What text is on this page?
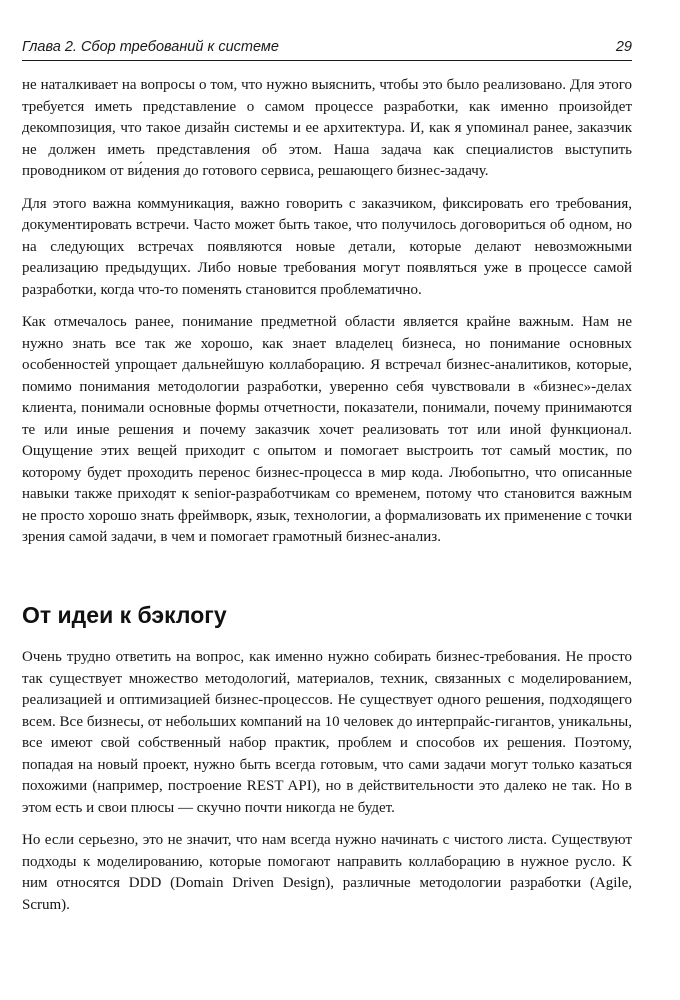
Глава 2. Сбор требований к системе	29

не наталкивает на вопросы о том, что нужно выяснить, чтобы это было реализовано. Для этого требуется иметь представление о самом процессе разработки, как именно произойдет декомпозиция, что такое дизайн системы и ее архитектура. И, как я упоминал ранее, заказчик не должен иметь представления об этом. Наша задача как специалистов выступить проводником от ви́дения до готового сервиса, решающего бизнес-задачу.

Для этого важна коммуникация, важно говорить с заказчиком, фиксировать его требования, документировать встречи. Часто может быть такое, что получилось договориться об одном, но на следующих встречах появляются новые детали, которые делают невозможными реализацию предыдущих. Либо новые требования могут появляться уже в процессе самой разработки, когда что-то поменять становится проблематично.

Как отмечалось ранее, понимание предметной области является крайне важным. Нам не нужно знать все так же хорошо, как знает владелец бизнеса, но понимание основных особенностей упрощает дальнейшую коллаборацию. Я встречал бизнес-аналитиков, которые, помимо понимания методологии разработки, уверенно себя чувствовали в «бизнес»-делах клиента, понимали основные формы отчетности, показатели, понимали, почему принимаются те или иные решения и почему заказчик хочет реализовать тот или иной функционал. Ощущение этих вещей приходит с опытом и помогает выстроить тот самый мостик, по которому будет проходить перенос бизнес-процесса в мир кода. Любопытно, что описанные навыки также приходят к senior-разработчикам со временем, потому что становится важным не просто хорошо знать фреймворк, язык, технологии, а формализовать их применение с точки зрения самой задачи, в чем и помогает грамотный бизнес-анализ.

От идеи к бэклогу

Очень трудно ответить на вопрос, как именно нужно собирать бизнес-требования. Не просто так существует множество методологий, материалов, техник, связанных с моделированием, реализацией и оптимизацией бизнес-процессов. Не существует одного решения, подходящего всем. Все бизнесы, от небольших компаний на 10 человек до интерпрайс-гигантов, уникальны, все имеют свой собственный набор практик, проблем и способов их решения. Поэтому, попадая на новый проект, нужно быть всегда готовым, что сами задачи могут только казаться похожими (например, построение REST API), но в действительности это далеко не так. Но в этом есть и свои плюсы — скучно почти никогда не будет.

Но если серьезно, это не значит, что нам всегда нужно начинать с чистого листа. Существуют подходы к моделированию, которые помогают направить коллаборацию в нужное русло. К ним относятся DDD (Domain Driven Design), различные методологии разработки (Agile, Scrum).
